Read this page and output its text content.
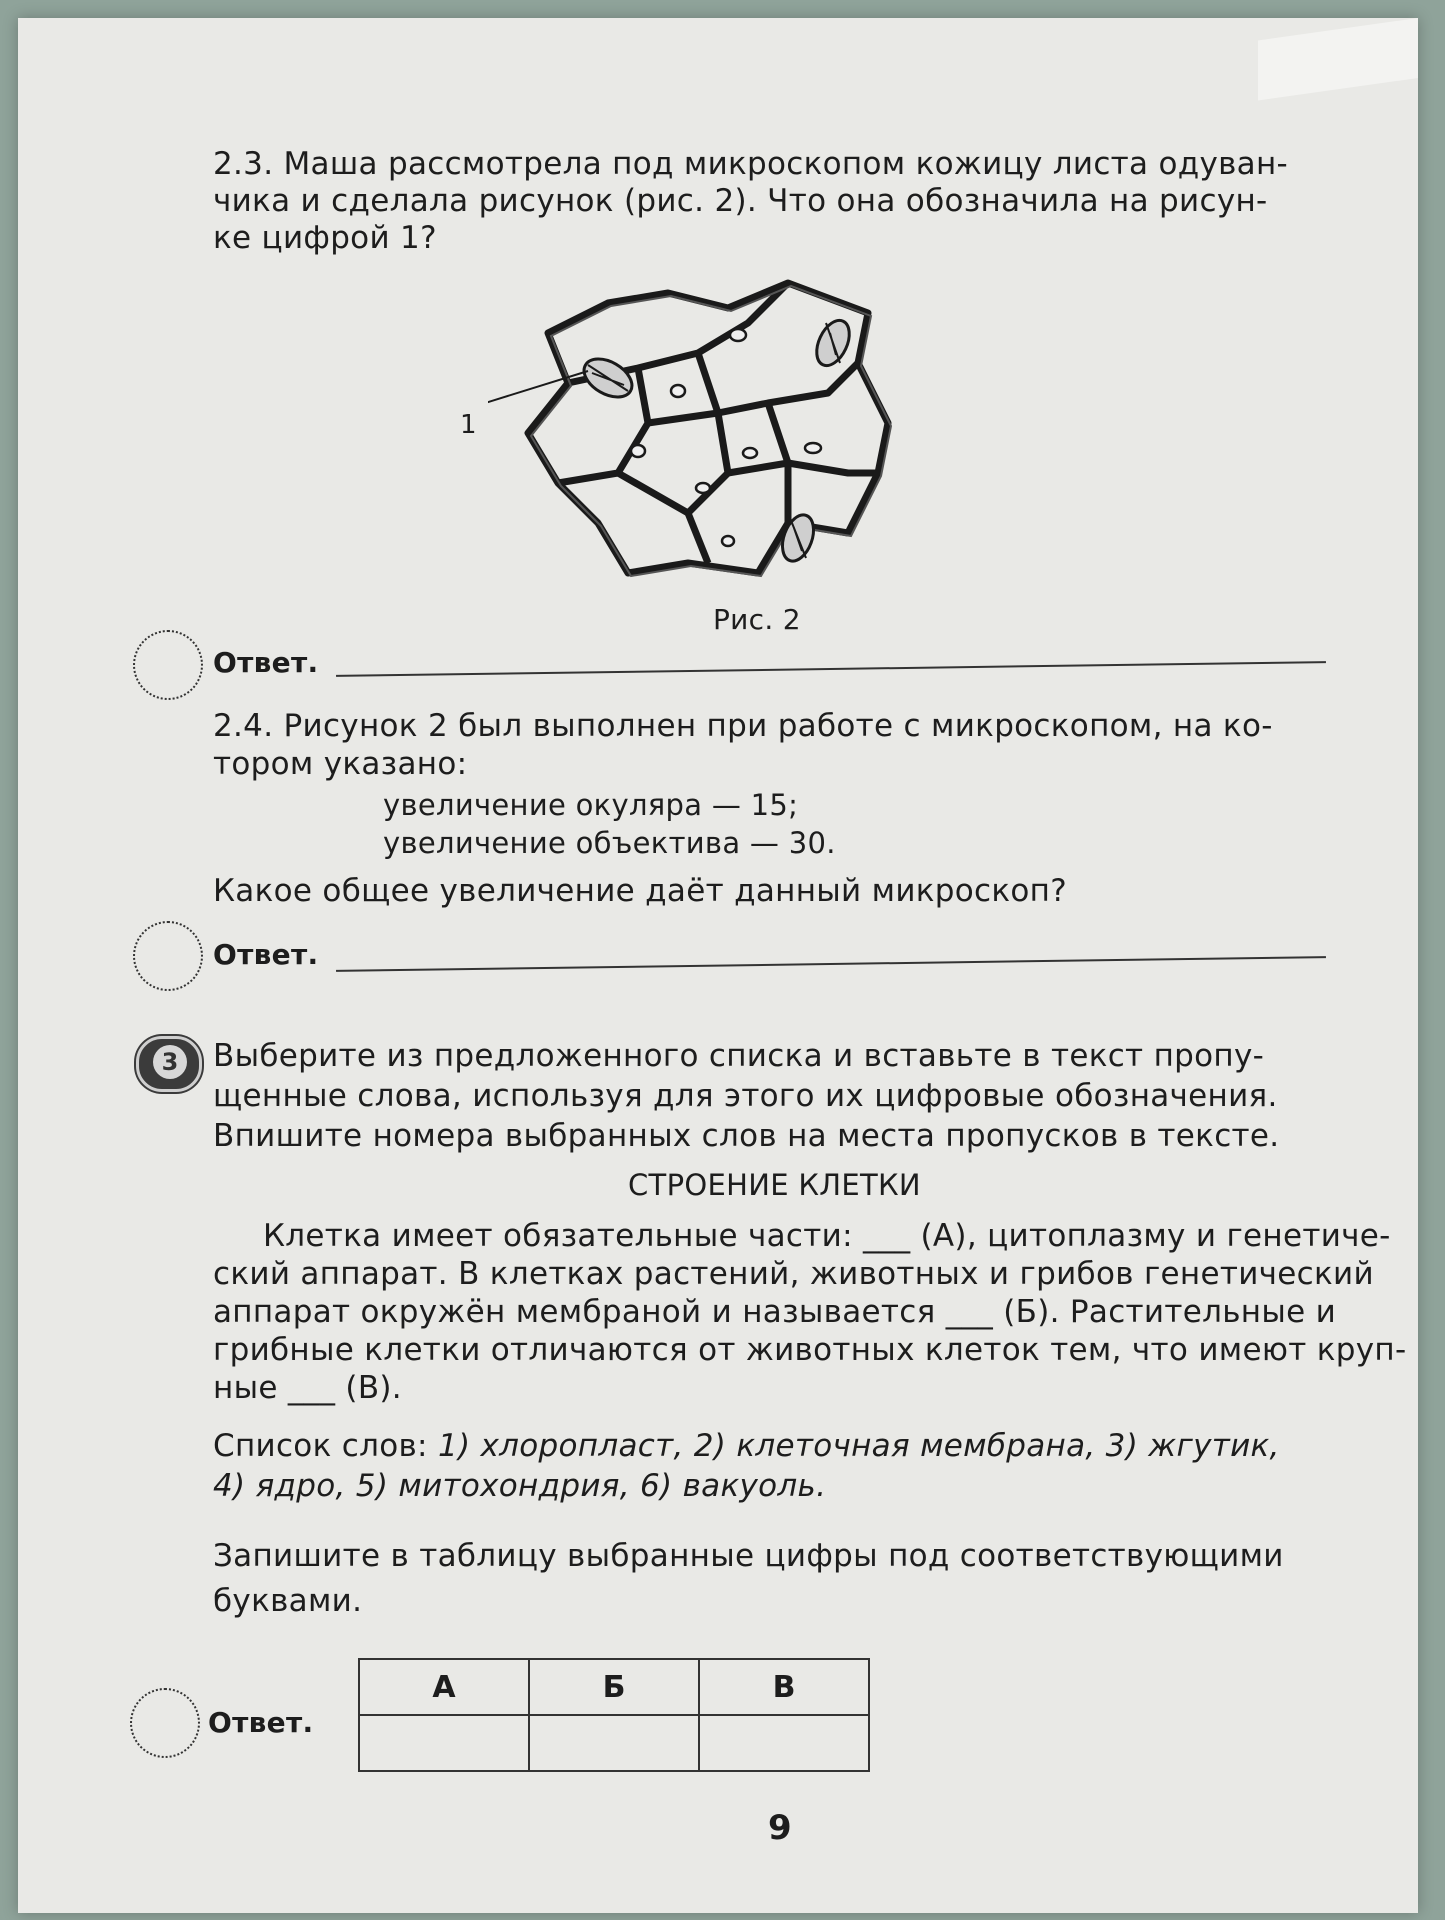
2.3. Маша рассмотрела под микроскопом кожицу листа одуван-
чика и сделала рисунок (рис. 2). Что она обозначила на рисун-
ке цифрой 1?
1
Рис. 2
Ответ.
2.4. Рисунок 2 был выполнен при работе с микроскопом, на ко-
тором указано:
увеличение окуляра — 15;
увеличение объектива — 30.
Какое общее увеличение даёт данный микроскоп?
Ответ.
3 Выберите из предложенного списка и вставьте в текст пропу-
щенные слова, используя для этого их цифровые обозначения.
Впишите номера выбранных слов на места пропусков в тексте.
СТРОЕНИЕ КЛЕТКИ
Клетка имеет обязательные части: ___ (А), цитоплазму и генетиче-
ский аппарат. В клетках растений, животных и грибов генетический
аппарат окружён мембраной и называется ___ (Б). Растительные и
грибные клетки отличаются от животных клеток тем, что имеют круп-
ные ___ (В).
Список слов: 1) хлоропласт, 2) клеточная мембрана, 3) жгутик,
4) ядро, 5) митохондрия, 6) вакуоль.
Запишите в таблицу выбранные цифры под соответствующими
буквами.
Ответ.
А	Б	В

9
